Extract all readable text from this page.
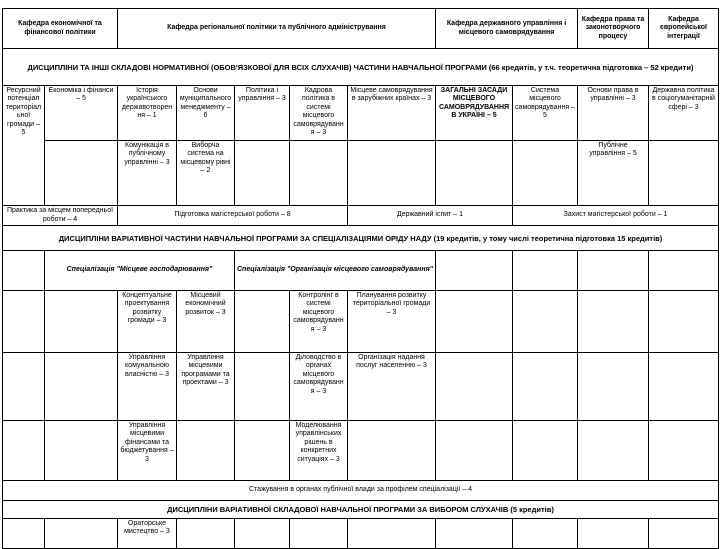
Кафедра економічної та фінансової політики		Кафедра регіональної політики та публічного адміністрування					Кафедра державного управління і місцевого самоврядування		Кафедра права та законотворчого процесу	Кафедра європейської інтеграції
ДИСЦИПЛІНИ ТА ІНШІ СКЛАДОВІ НОРМАТИВНОЇ (ОБОВ'ЯЗКОВОЇ ДЛЯ ВСІХ СЛУХАЧІВ) ЧАСТИНИ НАВЧАЛЬНОЇ ПРОГРАМИ (66 кредитів, у т.ч. теоретична підготовка – 52 кредити)										
Ресурсний потенціал територіальної громади – 5	Економіка і фінанси – 5	Історія українського державотворення – 1	Основи муніципального менеджменту – 6	Політика і управління – 3	Кадрова політика в системі місцевого самоврядування – 3	Місцеве самоврядування в зарубіжних країнах – 3	ЗАГАЛЬНІ ЗАСАДИ МІСЦЕВОГО САМОВРЯДУВАННЯ В УКРАЇНІ – 5	Система місцевого самоврядування – 5	Основи права в управлінні – 3	Державна політика в соціогуманітарній сфері – 3
		Комунікація в публічному управлінні – 3	Виборча система на місцевому рівні – 2						Публічне управління – 5	
Практика за місцем попередньої роботи – 4		Підготовка магістерської роботи – 8				Державний іспит – 1		Захист магістерської роботи – 1		
ДИСЦИПЛІНИ ВАРІАТИВНОЇ ЧАСТИНИ НАВЧАЛЬНОЇ ПРОГРАМИ ЗА СПЕЦІАЛІЗАЦІЯМИ ОРІДУ НАДУ (19 кредитів, у тому числі теоретична підготовка 15 кредитів)										
	Спеціалізація "Місцеве господарювання"			Спеціалізація "Організація місцевого самоврядування"						
		Концептуальне проектування розвитку громади – 3	Місцевий економічний розвиток – 3		Контролінг в системі місцевого самоврядування – 3	Планування розвитку територіальної громади – 3				
		Управління комунальною власністю – 3	Управління місцевими програмами та проектами – 3		Діловодство в органах місцевого самоврядування – 3	Організація надання послуг населенню – 3				
		Управління місцевими фінансами та бюджетування – 3			Моделювання управлінських рішень в конкретних ситуаціях – 3					
Стажування в органах публічної влади за профілем спеціалізації – 4										
ДИСЦИПЛІНИ ВАРІАТИВНОЇ СКЛАДОВОЇ НАВЧАЛЬНОЇ ПРОГРАМИ ЗА ВИБОРОМ СЛУХАЧІВ (5 кредитів)										
		Ораторське мистецтво – 3								
